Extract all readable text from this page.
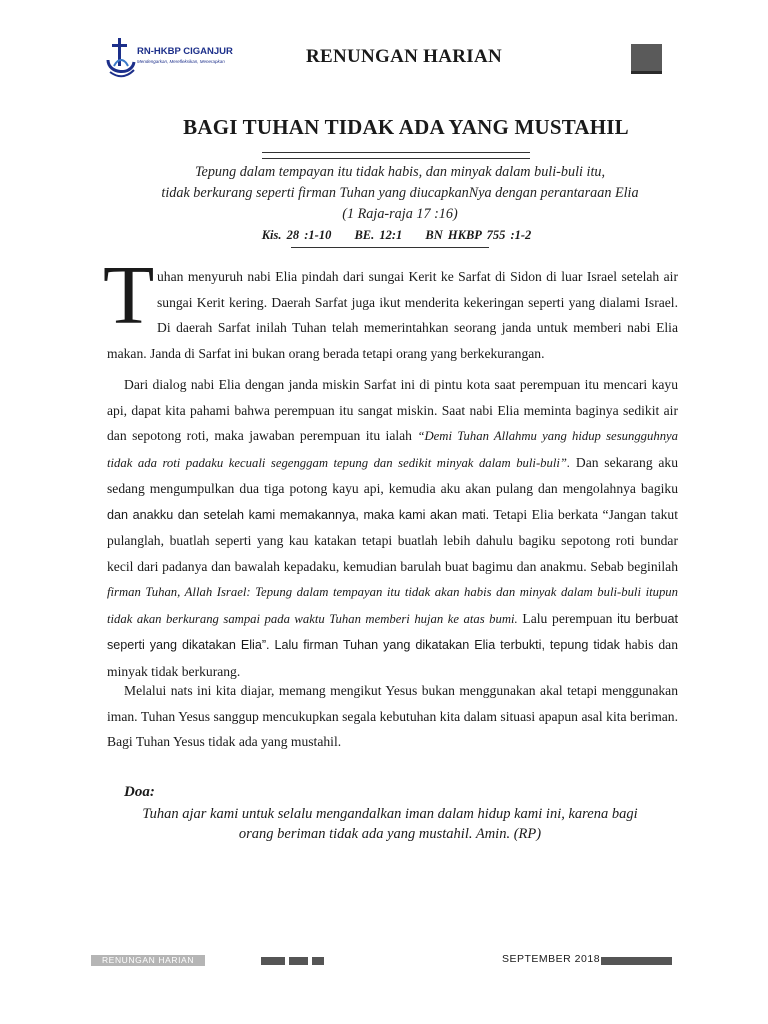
RN-HKBP CIGANJUR
Mendengarkan, Merefleksikan, Menerapkan	RENUNGAN HARIAN
BAGI TUHAN TIDAK ADA YANG MUSTAHIL
Tepung dalam tempayan itu tidak habis, dan minyak dalam buli-buli itu,
tidak berkurang seperti firman Tuhan yang diucapkanNya dengan perantaraan Elia
(1 Raja-raja 17 :16)
Kis. 28 :1-10 BE. 12:1 BN HKBP 755 :1-2
T uhan menyuruh nabi Elia pindah dari sungai Kerit ke Sarfat di Sidon di luar Israel setelah air sungai Kerit kering. Daerah Sarfat juga ikut menderita kekeringan seperti yang dialami Israel. Di daerah Sarfat inilah Tuhan telah memerintahkan seorang janda untuk memberi nabi Elia makan. Janda di Sarfat ini bukan orang berada tetapi orang yang berkekurangan.

Dari dialog nabi Elia dengan janda miskin Sarfat ini di pintu kota saat perempuan itu mencari kayu api, dapat kita pahami bahwa perempuan itu sangat miskin. Saat nabi Elia meminta baginya sedikit air dan sepotong roti, maka jawaban perempuan itu ialah “Demi Tuhan Allahmu yang hidup sesungguhnya tidak ada roti padaku kecuali segenggam tepung dan sedikit minyak dalam buli-buli”. Dan sekarang aku sedang mengumpulkan dua tiga potong kayu api, kemudia aku akan pulang dan mengolahnya bagiku dan anakku dan setelah kami memakannya, maka kami akan mati. Tetapi Elia berkata “Jangan takut pulanglah, buatlah seperti yang kau katakan tetapi buatlah lebih dahulu bagiku sepotong roti bundar kecil dari padanya dan bawalah kepadaku, kemudian barulah buat bagimu dan anakmu. Sebab beginilah firman Tuhan, Allah Israel: Tepung dalam tempayan itu tidak akan habis dan minyak dalam buli-buli itupun tidak akan berkurang sampai pada waktu Tuhan memberi hujan ke atas bumi. Lalu perempuan itu berbuat seperti yang dikatakan Elia”. Lalu firman Tuhan yang dikatakan Elia terbukti, tepung tidak habis dan minyak tidak berkurang.

Melalui nats ini kita diajar, memang mengikut Yesus bukan menggunakan akal tetapi menggunakan iman. Tuhan Yesus sanggup mencukupkan segala kebutuhan kita dalam situasi apapun asal kita beriman. Bagi Tuhan Yesus tidak ada yang mustahil.

Doa:
Tuhan ajar kami untuk selalu mengandalkan iman dalam hidup kami ini, karena bagi
orang beriman tidak ada yang mustahil. Amin. (RP)
RENUNGAN HARIAN	SEPTEMBER 2018
